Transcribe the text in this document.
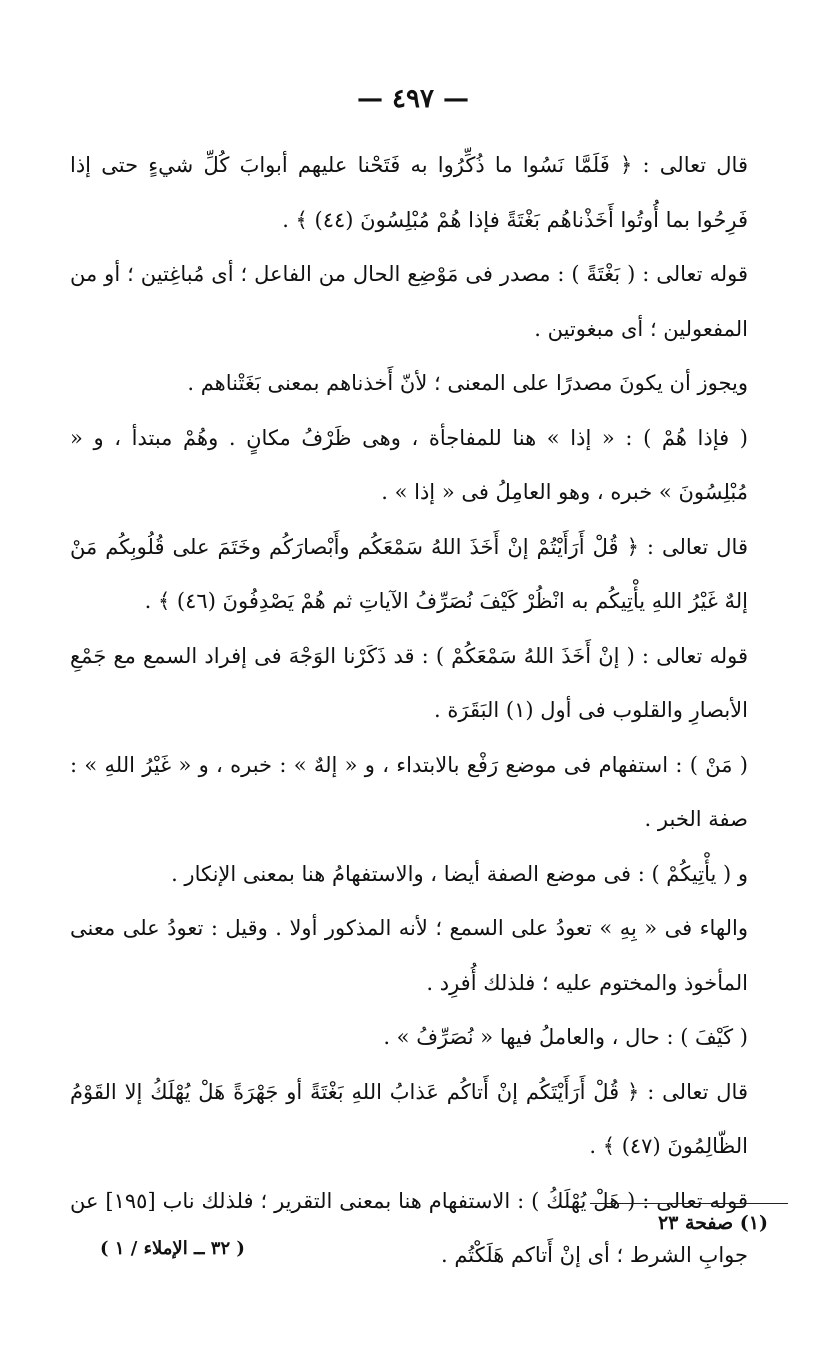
— ٤٩٧ —

قال تعالى : ﴿ فَلَمَّا نَسُوا ما ذُكِّرُوا به فَتَحْنا عليهم أبوابَ كُلِّ شيءٍ حتى إذا فَرِحُوا بما أُوتُوا أَخَذْناهُم بَغْتَةً فإذا هُمْ مُبْلِسُونَ (٤٤) ﴾ .

قوله تعالى : ( بَغْتَةً ) : مصدر فى مَوْضِع الحال من الفاعل ؛ أى مُباغِتين ؛ أو من المفعولين ؛ أى مبغوتين .

ويجوز أن يكونَ مصدرًا على المعنى ؛ لأنّ أَخذناهم بمعنى بَغَتْناهم .

( فإذا هُمْ ) : « إذا » هنا للمفاجأة ، وهى ظَرْفُ مكانٍ . وهُمْ مبتدأ ، و « مُبْلِسُونَ » خبره ، وهو العامِلُ فى « إذا » .

قال تعالى : ﴿ قُلْ أَرَأَيْتُمْ إنْ أَخَذَ اللهُ سَمْعَكُم وأَبْصارَكُم وخَتَمَ على قُلُوبِكُم مَنْ إلهٌ غَيْرُ اللهِ يأْتِيكُم به انْظُرْ كَيْفَ نُصَرِّفُ الآياتِ ثم هُمْ يَصْدِفُونَ (٤٦) ﴾ .

قوله تعالى : ( إنْ أَخَذَ اللهُ سَمْعَكُمْ ) : قد ذَكَرْنا الوَجْهَ فى إفراد السمع مع جَمْعِ الأبصارِ والقلوب فى أول (١) البَقَرَة .

( مَنْ ) : استفهام فى موضع رَفْع بالابتداء ، و « إلهٌ » : خبره ، و « غَيْرُ اللهِ » : صفة الخبر .

و ( يأْتِيكُمْ ) : فى موضع الصفة أيضا ، والاستفهامُ هنا بمعنى الإنكار .

والهاء فى « بِهِ » تعودُ على السمع ؛ لأنه المذكور أولا . وقيل : تعودُ على معنى المأخوذ والمختوم عليه ؛ فلذلك أُفرِد .

( كَيْفَ ) : حال ، والعاملُ فيها « نُصَرِّفُ » .

قال تعالى : ﴿ قُلْ أَرَأَيْتَكُم إنْ أَتاكُم عَذابُ اللهِ بَغْتَةً أو جَهْرَةً هَلْ يُهْلَكُ إلا القَوْمُ الظّالِمُونَ (٤٧) ﴾ .

قوله تعالى : ( هَلْ يُهْلَكُ ) : الاستفهام هنا بمعنى التقرير ؛ فلذلك ناب [١٩٥] عن جوابِ الشرط ؛ أى إنْ أَتاكم هَلَكْتُم .

(١) صفحة ٢٣
( ٣٢ ــ الإملاء / ١ )
